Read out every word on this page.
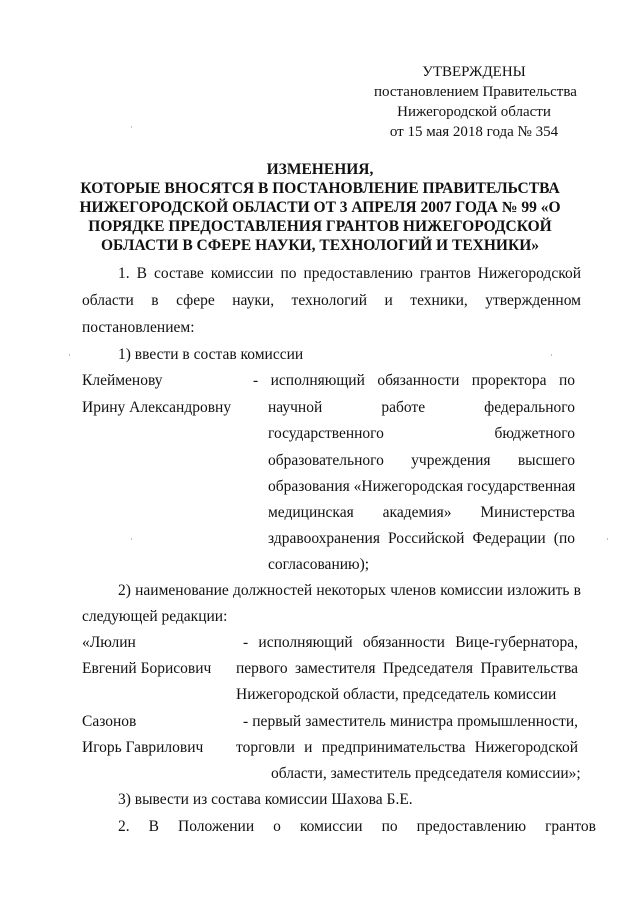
УТВЕРЖДЕНЫ
постановлением Правительства
Нижегородской области
от 15 мая 2018 года № 354
ИЗМЕНЕНИЯ,
КОТОРЫЕ ВНОСЯТСЯ В ПОСТАНОВЛЕНИЕ ПРАВИТЕЛЬСТВА
НИЖЕГОРОДСКОЙ ОБЛАСТИ ОТ 3 АПРЕЛЯ 2007 ГОДА № 99 «О
ПОРЯДКЕ ПРЕДОСТАВЛЕНИЯ ГРАНТОВ НИЖЕГОРОДСКОЙ
ОБЛАСТИ В СФЕРЕ НАУКИ, ТЕХНОЛОГИЙ И ТЕХНИКИ»
1. В составе комиссии по предоставлению грантов Нижегородской
области в сфере науки, технологий и техники, утвержденном
постановлением:
1) ввести в состав комиссии
Клейменову
Ирину Александровну
- исполняющий обязанности проректора по
научной работе федерального
государственного бюджетного
образовательного учреждения высшего
образования «Нижегородская государственная
медицинская академия» Министерства
здравоохранения Российской Федерации (по
согласованию);
2) наименование должностей некоторых членов комиссии изложить в
следующей редакции:
«Люлин
Евгений Борисович
- исполняющий обязанности Вице-губернатора,
первого заместителя Председателя Правительства
Нижегородской области, председатель комиссии
Сазонов
Игорь Гаврилович
- первый заместитель министра промышленности,
торговли и предпринимательства Нижегородской
области, заместитель председателя комиссии»;
3) вывести из состава комиссии Шахова Б.Е.
2. В Положении о комиссии по предоставлению грантов
·	·
·	·
·
